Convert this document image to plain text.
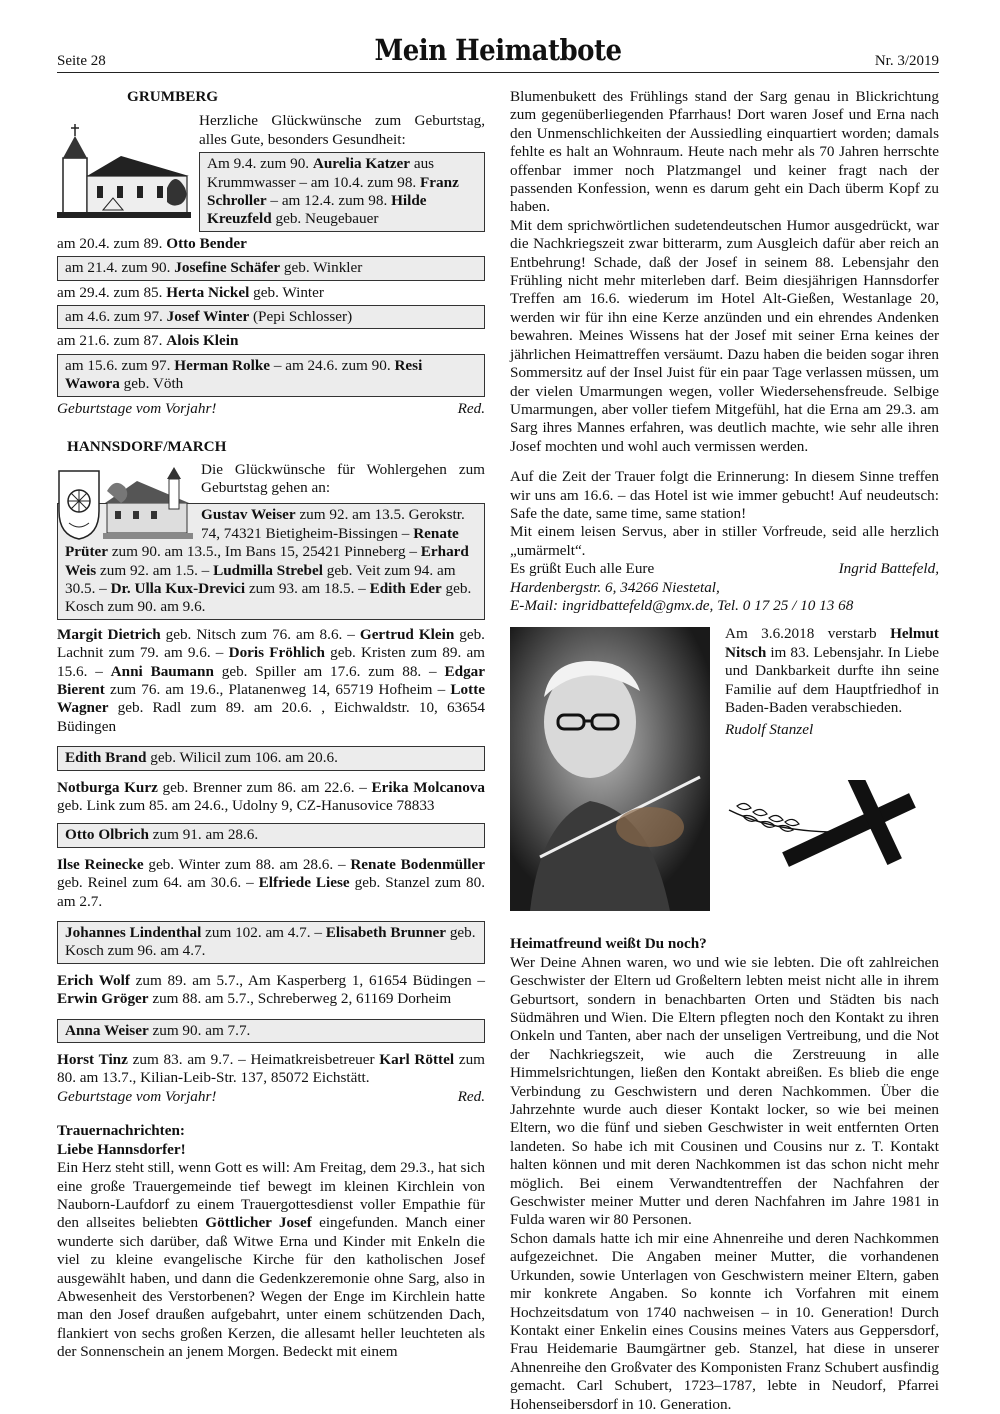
Seite 28	Mein Heimatbote	Nr. 3/2019

GRUMBERG

Herzliche Glückwünsche zum Geburtstag, alles Gute, besonders Gesundheit:

Am 9.4. zum 90. Aurelia Katzer aus Krummwasser – am 10.4. zum 98. Franz Schroller – am 12.4. zum 98. Hilde Kreuzfeld geb. Neugebauer

am 20.4. zum 89. Otto Bender

am 21.4. zum 90. Josefine Schäfer geb. Winkler

am 29.4. zum 85. Herta Nickel geb. Winter

am 4.6. zum 97. Josef Winter (Pepi Schlosser)

am 21.6. zum 87. Alois Klein

am 15.6. zum 97. Herman Rolke – am 24.6. zum 90. Resi Wawora geb. Vöth
Geburtstage vom Vorjahr!	Red.

HANNSDORF/MARCH

Die Glückwünsche für Wohlergehen zum Geburtstag gehen an:

Gustav Weiser zum 92. am 13.5. Gerokstr. 74, 74321 Bietigheim-Bissingen – Renate Prüter zum 90. am 13.5., Im Bans 15, 25421 Pinneberg – Erhard Weis zum 92. am 1.5. – Ludmilla Strebel geb. Veit zum 94. am 30.5. – Dr. Ulla Kux-Drevici zum 93. am 18.5. – Edith Eder geb. Kosch zum 90. am 9.6.

Margit Dietrich geb. Nitsch zum 76. am 8.6. – Gertrud Klein geb. Lachnit zum 79. am 9.6. – Doris Fröhlich geb. Kristen zum 89. am 15.6. – Anni Baumann geb. Spiller am 17.6. zum 88. – Edgar Bierent zum 76. am 19.6., Platanenweg 14, 65719 Hofheim – Lotte Wagner geb. Radl zum 89. am 20.6. , Eichwaldstr. 10, 63654 Büdingen

Edith Brand geb. Wilicil zum 106. am 20.6.

Notburga Kurz geb. Brenner zum 86. am 22.6. – Erika Molcanova geb. Link zum 85. am 24.6., Udolny 9, CZ-Hanusovice 78833

Otto Olbrich zum 91. am 28.6.

Ilse Reinecke geb. Winter zum 88. am 28.6. – Renate Bodenmüller geb. Reinel zum 64. am 30.6. – Elfriede Liese geb. Stanzel zum 80. am 2.7.

Johannes Lindenthal zum 102. am 4.7. – Elisabeth Brunner geb. Kosch zum 96. am 4.7.

Erich Wolf zum 89. am 5.7., Am Kasperberg 1, 61654 Büdingen – Erwin Gröger zum 88. am 5.7., Schreberweg 2, 61169 Dorheim

Anna Weiser zum 90. am 7.7.

Horst Tinz zum 83. am 9.7. – Heimatkreisbetreuer Karl Röttel zum 80. am 13.7., Kilian-Leib-Str. 137, 85072 Eichstätt.

Geburtstage vom Vorjahr!	Red.

Trauernachrichten:

Liebe Hannsdorfer!

Ein Herz steht still, wenn Gott es will: Am Freitag, dem 29.3., hat sich eine große Trauergemeinde tief bewegt im kleinen Kirchlein von Nauborn-Laufdorf zu einem Trauergottesdienst voller Empathie für den allseites beliebten Göttlicher Josef eingefunden. Manch einer wunderte sich darüber, daß Witwe Erna und Kinder mit Enkeln die viel zu kleine evangelische Kirche für den katholischen Josef ausgewählt haben, und dann die Gedenkzeremonie ohne Sarg, also in Abwesenheit des Verstorbenen? Wegen der Enge im Kirchlein hatte man den Josef draußen aufgebahrt, unter einem schützenden Dach, flankiert von sechs großen Kerzen, die allesamt heller leuchteten als der Sonnenschein an jenem Morgen. Bedeckt mit einem

Blumenbukett des Frühlings stand der Sarg genau in Blickrichtung zum gegenüberliegenden Pfarrhaus! Dort waren Josef und Erna nach den Unmenschlichkeiten der Aussiedling einquartiert worden; damals fehlte es halt an Wohnraum. Heute nach mehr als 70 Jahren herrschte offenbar immer noch Platzmangel und keiner fragt nach der passenden Konfession, wenn es darum geht ein Dach überm Kopf zu haben.

Mit dem sprichwörtlichen sudetendeutschen Humor ausgedrückt, war die Nachkriegszeit zwar bitterarm, zum Ausgleich dafür aber reich an Entbehrung! Schade, daß der Josef in seinem 88. Lebensjahr den Frühling nicht mehr miterleben darf. Beim diesjährigen Hannsdorfer Treffen am 16.6. wiederum im Hotel Alt-Gießen, Westanlage 20, werden wir für ihn eine Kerze anzünden und ein ehrendes Andenken bewahren. Meines Wissens hat der Josef mit seiner Erna keines der jährlichen Heimattreffen versäumt. Dazu haben die beiden sogar ihren Sommersitz auf der Insel Juist für ein paar Tage verlassen müssen, um der vielen Umarmungen wegen, voller Wiedersehensfreude. Selbige Umarmungen, aber voller tiefem Mitgefühl, hat die Erna am 29.3. am Sarg ihres Mannes erfahren, was deutlich machte, wie sehr alle ihren Josef mochten und wohl auch vermissen werden.

Auf die Zeit der Trauer folgt die Erinnerung: In diesem Sinne treffen wir uns am 16.6. – das Hotel ist wie immer gebucht! Auf neudeutsch: Safe the date, same time, same station!

Mit einem leisen Servus, aber in stiller Vorfreude, seid alle herzlich „umärmelt“.

Es grüßt Euch alle Eure	Ingrid Battefeld,

Hardenbergstr. 6, 34266 Niestetal,

E-Mail: ingridbattefeld@gmx.de, Tel. 0 17 25 / 10 13 68

Am 3.6.2018 verstarb Helmut Nitsch im 83. Lebensjahr. In Liebe und Dankbarkeit durfte ihn seine Familie auf dem Hauptfriedhof in Baden-Baden verabschieden.

Rudolf Stanzel

Heimatfreund weißt Du noch?

Wer Deine Ahnen waren, wo und wie sie lebten. Die oft zahlreichen Geschwister der Eltern ud Großeltern lebten meist nicht alle in ihrem Geburtsort, sondern in benachbarten Orten und Städten bis nach Südmähren und Wien. Die Eltern pflegten noch den Kontakt zu ihren Onkeln und Tanten, aber nach der unseligen Vertreibung, und die Not der Nachkriegszeit, wie auch die Zerstreuung in alle Himmelsrichtungen, ließen den Kontakt abreißen. Es blieb die enge Verbindung zu Geschwistern und deren Nachkommen. Über die Jahrzehnte wurde auch dieser Kontakt locker, so wie bei meinen Eltern, wo die fünf und sieben Geschwister in weit entfernten Orten landeten. So habe ich mit Cousinen und Cousins nur z. T. Kontakt halten können und mit deren Nachkommen ist das schon nicht mehr möglich. Bei einem Verwandtentreffen der Nachfahren der Geschwister meiner Mutter und deren Nachfahren im Jahre 1981 in Fulda waren wir 80 Personen.

Schon damals hatte ich mir eine Ahnenreihe und deren Nachkommen aufgezeichnet. Die Angaben meiner Mutter, die vorhandenen Urkunden, sowie Unterlagen von Geschwistern meiner Eltern, gaben mir konkrete Angaben. So konnte ich Vorfahren mit einem Hochzeitsdatum von 1740 nachweisen – in 10. Generation! Durch Kontakt einer Enkelin eines Cousins meines Vaters aus Geppersdorf, Frau Heidemarie Baumgärtner geb. Stanzel, hat diese in unserer Ahnenreihe den Großvater des Komponisten Franz Schubert ausfindig gemacht. Carl Schubert, 1723–1787, lebte in Neudorf, Pfarrei Hohenseibersdorf in 10. Generation.
